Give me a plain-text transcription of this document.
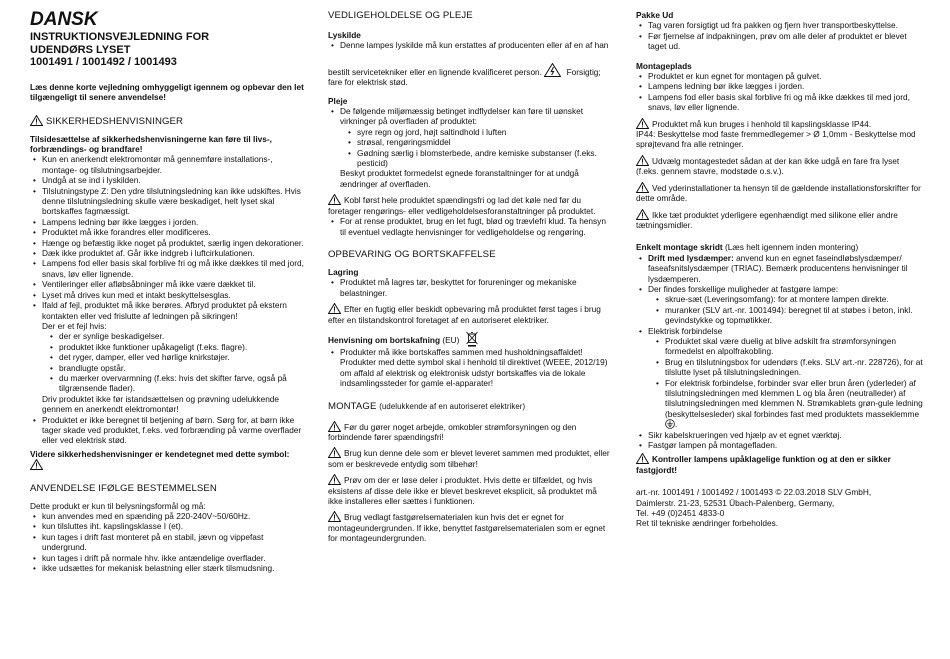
DANSK
INSTRUKTIONSVEJLEDNING FOR
UDENDØRS LYSET
1001491 / 1001492 / 1001493

Læs denne korte vejledning omhyggeligt igennem og opbevar den let tilgængeligt til senere anvendelse!

SIKKERHEDSHENVISNINGER

Tilsidesættelse af sikkerhedshenvisningerne kan føre til livs-, forbrændings- og brandfare!

• Kun en anerkendt elektromontør må gennemføre installations-, montage- og tilslutningsarbejder.
• Undgå at se ind i lyskilden.
• Tilslutningstype Z: Den ydre tilslutningsledning kan ikke udskiftes. Hvis denne tilslutningsledning skulle være beskadiget, helt lyset skal bortskaffes fagmæssigt.
• Lampens ledning bør ikke lægges i jorden.
• Produktet må ikke forandres eller modificeres.
• Hænge og befæstig ikke noget på produktet, særlig ingen dekorationer.
• Dæk ikke produktet af. Går ikke indgreb i luftcirkulationen.
• Lampens fod eller basis skal forblive fri og må ikke dækkes til med jord, snavs, løv eller lignende.
• Ventileringer eller afløbsåbninger må ikke være dækket til.
• Lyset må drives kun med et intakt beskyttelsesglas.
• Ifald af fejl, produktet må ikke berøres. Afbryd produktet på ekstern kontakten eller ved frislutte af ledningen på sikringen!
Der er et fejl hvis:
• der er synlige beskadigelser.
• produktet ikke funktioner upåkageligt (f.eks. flagre).
• det ryger, damper, eller ved hørlige knirkstøjer.
• brandlugte opstår.
• du mærker overvarmning (f.eks: hvis det skifter farve, også på tilgrænsende flader).
Driv produktet ikke før istandsættelsen og prøvning udelukkende gennem en anerkendt elektromontør!
• Produktet er ikke beregnet til betjening af børn. Sørg for, at børn ikke tager skade ved produktet, f.eks. ved forbrænding på varme overflader eller ved elektrisk stød.

Videre sikkerhedshenvisninger er kendetegnet med dette symbol:

ANVENDELSE IFØLGE BESTEMMELSEN

Dette produkt er kun til belysningsformål og må:

• kun anvendes med en spænding på 220-240V~50/60Hz.
• kun tilsluttes iht. kapslingsklasse I (et).
• kun tages i drift fast monteret på en stabil, jævn og vippefast undergrund.
• kun tages i drift på normale hhv. ikke antændelige overflader.
• ikke udsættes for mekanisk belastning eller stærk tilsmudsning.
VEDLIGEHOLDELSE OG PLEJE
Lyskilde
• Denne lampes lyskilde må kun erstattes af producenten eller af en af han

bestilt servicetekniker eller en lignende kvalificeret person.	Forsigtig; fare for elektrisk stød.

Pleje
• De følgende miljømæssig betinget indflydelser kan føre til uønsket virkninger på overfladen af produktet:
• syre regn og jord, højt saltindhold i luften
• strøsal, rengøringsmiddel
• Gødning særlig i blomsterbede, andre kemiske substanser (f.eks. pesticid)
Beskyt produktet formedelst egnede foranstaltninger for at undgå ændringer af overfladen.

Kobl først hele produktet spændingsfri og lad det køle ned før du foretager rengørings- eller vedligeholdelsesforanstaltninger på produktet.

• For at rense produktet, brug en let fugt, blød og trævlefri klud. Ta hensyn til eventuel vedlagte henvisninger for vedligeholdelse og rengøring.
OPBEVARING OG BORTSKAFFELSE
Lagring
• Produktet må lagres tør, beskyttet for forureninger og mekaniske belastninger.

Efter en fugtig eller beskidt opbevaring må produktet først tages i brug efter en tilstandskontrol foretaget af en autoriseret elektriker.

Henvisning om bortskafning (EU)
• Produkter må ikke bortskaffes sammen med husholdningsaffaldet! Produkter med dette symbol skal i henhold til direktivet (WEEE, 2012/19) om affald af elektrisk og elektronisk udstyr bortskaffes via de lokale indsamlingssteder for gamle el-apparater!
MONTAGE (udelukkende af en autoriseret elektriker)

Før du gører noget arbejde, omkobler strømforsyningen og den forbindende fører spændingsfri!

Brug kun denne dele som er blevet leveret sammen med produktet, eller som er beskrevede entydig som tilbehør!

Prøv om der er løse deler i produktet. Hvis dette er tilfældet, og hvis eksistens af disse dele ikke er blevet beskrevet eksplicit, så produktet må ikke installeres eller sættes i funktionen.

Brug vedlagt fastgørelsematerialen kun hvis det er egnet for montageundergrunden. If ikke, benyttet fastgørelsematerialen som er egnet for montageundergrunden.

Pakke Ud
• Tag varen forsigtigt ud fra pakken og fjern hver transportbeskyttelse.
• Før fjernelse af indpakningen, prøv om alle deler af produktet er blevet taget ud.
Montageplads
• Produktet er kun egnet for montagen på gulvet.
• Lampens ledning bør ikke lægges i jorden.
• Lampens fod eller basis skal forblive fri og må ikke dækkes til med jord, snavs, løv eller lignende.

Produktet må kun bruges i henhold til kapslingsklasse IP44.

IP44: Beskyttelse mod faste fremmedlegemer > Ø 1,0mm - Beskyttelse mod sprøjtevand fra alle retninger.

Udvælg montagestedet sådan at der kan ikke udgå en fare fra lyset (f.eks. gennem stavre, modstøde o.s.v.).

Ved yderinstallationer ta hensyn til de gældende installationsforskrifter for dette område.

Ikke tæt produktet yderligere egenhændigt med silikone eller andre tætningsmidler.

Enkelt montage skridt (Læs helt igennem inden montering)
• Drift med lysdæmper: anvend kun en egnet faseindløbslysdæmper/ faseafsnitslysdæmper (TRIAC). Bemærk producentens henvisninger til lysdæmperen.
• Der findes forskellige muligheder at fastgøre lampe:
• skrue-sæt (Leveringsomfang): for at montere lampen direkte.
• muranker (SLV art.-nr. 1001494): beregnet til at støbes i beton, inkl. gevindstykke og topmøtikker.
• Elektrisk forbindelse
• Produktet skal være duelig at blive adskilt fra strømforsyningen formedelst en alpolfrakobling.
• Brug en tilslutningsbox for udendørs (f.eks. SLV art.-nr. 228726), for at tilslutte lyset på tilslutningsledningen.
• For elektrisk forbindelse, forbinder svar eller brun åren (yderleder) af tilslutningsledningen med klemmen L og bla åren (neutralleder) af tilslutningsledningen med klemmen N. Strømkablets grøn-gule ledning (beskyttelsesleder) skal forbindes fast med produktets masseklemme .
• Sikr kabelskrueringen ved hjælp av et egnet værktøj.
• Fastgør lampen på montagefladen.

Kontroller lampens upåklagelige funktion og at den er sikker fastgjordt!

art.-nr. 1001491 / 1001492 / 1001493 © 22.03.2018 SLV GmbH,

Daimlerstr. 21-23, 52531 Übach-Palenberg, Germany,

Tel. +49 (0)2451 4833-0

Ret til tekniske ændringer forbeholdes.
